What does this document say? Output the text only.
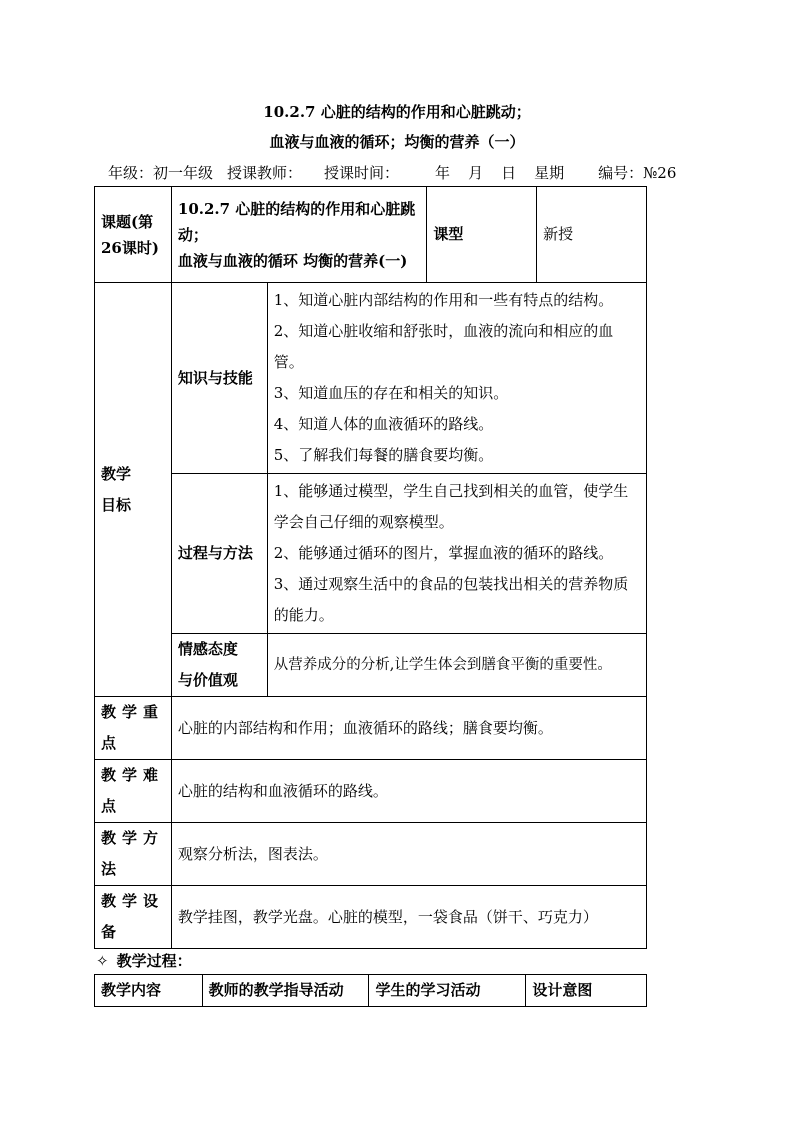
10.2.7 心脏的结构的作用和心脏跳动；
血液与血液的循环；均衡的营养（一）
年级：初一年级 授课教师： 授课时间： 年 月 日 星期 编号：№26
课题(第26课时)	10.2.7 心脏的结构的作用和心脏跳动；
血液与血液的循环 均衡的营养(一)		课型	新授

教学
目标	知识与技能	1、知道心脏内部结构的作用和一些有特点的结构。
2、知道心脏收缩和舒张时，血液的流向和相应的血管。
3、知道血压的存在和相关的知识。
4、知道人体的血液循环的路线。
5、了解我们每餐的膳食要均衡。		

	过程与方法	1、能够通过模型，学生自己找到相关的血管，使学生学会自己仔细的观察模型。
2、能够通过循环的图片，掌握血液的循环的路线。
3、通过观察生活中的食品的包装找出相关的营养物质的能力。		

	情感态度
与价值观	从营养成分的分析,让学生体会到膳食平衡的重要性。		
教学重点	心脏的内部结构和作用；血液循环的路线；膳食要均衡。			
教学难点	心脏的结构和血液循环的路线。			
教学方法	观察分析法，图表法。			
教学设备	教学挂图，教学光盘。心脏的模型，一袋食品（饼干、巧克力）			
✧ 教学过程：
教学内容	教师的教学指导活动	学生的学习活动	设计意图
